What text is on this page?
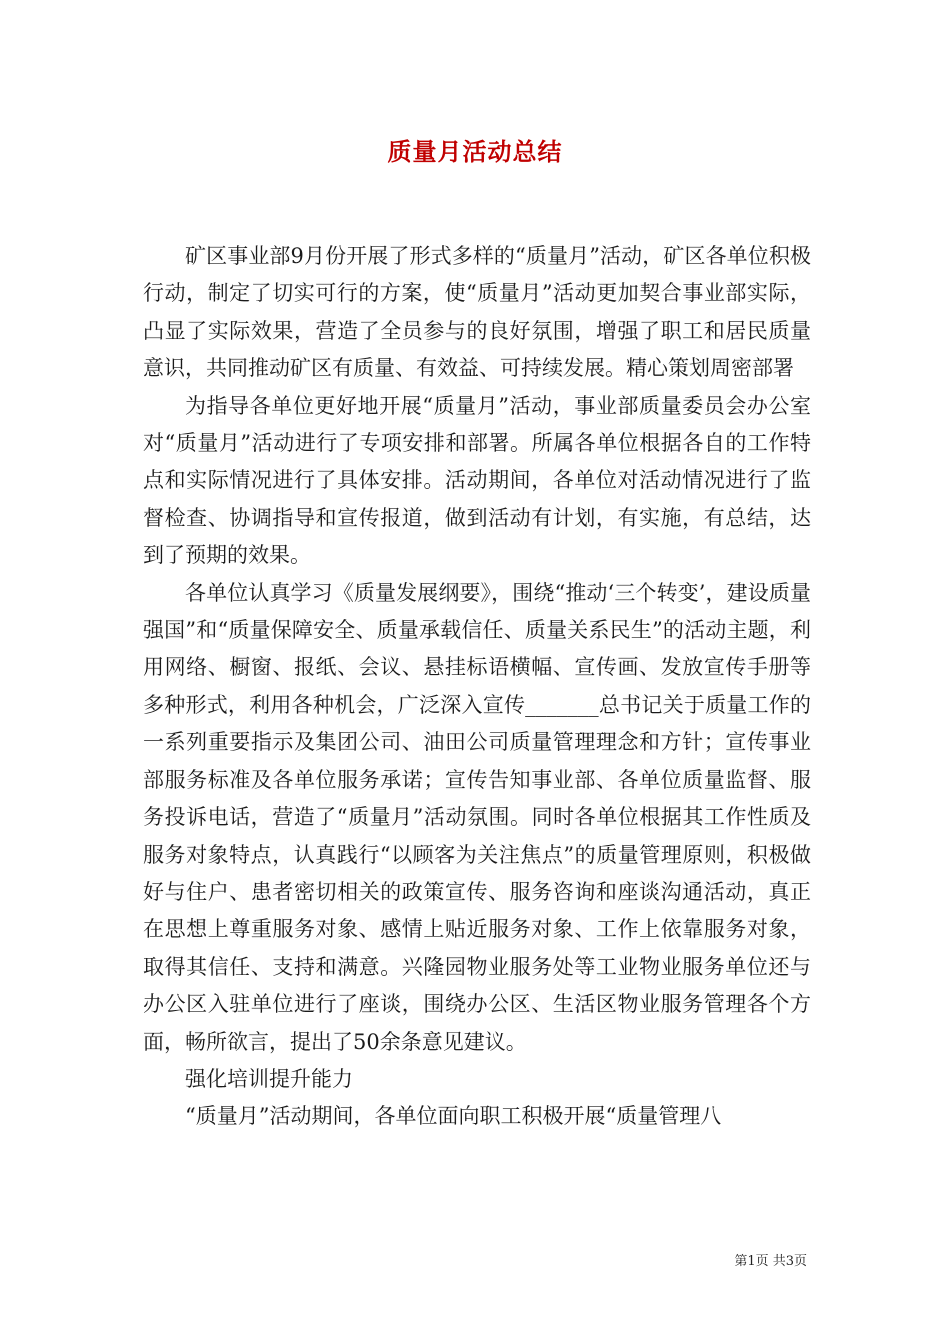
质量月活动总结

矿区事业部9月份开展了形式多样的“质量月”活动，矿区各单位积极行动，制定了切实可行的方案，使“质量月”活动更加契合事业部实际，凸显了实际效果，营造了全员参与的良好氛围，增强了职工和居民质量意识，共同推动矿区有质量、有效益、可持续发展。精心策划周密部署

为指导各单位更好地开展“质量月”活动，事业部质量委员会办公室对“质量月”活动进行了专项安排和部署。所属各单位根据各自的工作特点和实际情况进行了具体安排。活动期间，各单位对活动情况进行了监督检查、协调指导和宣传报道，做到活动有计划，有实施，有总结，达到了预期的效果。

各单位认真学习《质量发展纲要》，围绕“推动‘三个转变’，建设质量强国”和“质量保障安全、质量承载信任、质量关系民生”的活动主题，利用网络、橱窗、报纸、会议、悬挂标语横幅、宣传画、发放宣传手册等多种形式，利用各种机会，广泛深入宣传_______总书记关于质量工作的一系列重要指示及集团公司、油田公司质量管理理念和方针；宣传事业部服务标准及各单位服务承诺；宣传告知事业部、各单位质量监督、服务投诉电话，营造了“质量月”活动氛围。同时各单位根据其工作性质及服务对象特点，认真践行“以顾客为关注焦点”的质量管理原则，积极做好与住户、患者密切相关的政策宣传、服务咨询和座谈沟通活动，真正在思想上尊重服务对象、感情上贴近服务对象、工作上依靠服务对象，取得其信任、支持和满意。兴隆园物业服务处等工业物业服务单位还与办公区入驻单位进行了座谈，围绕办公区、生活区物业服务管理各个方面，畅所欲言，提出了50余条意见建议。

强化培训提升能力

“质量月”活动期间，各单位面向职工积极开展“质量管理八

第1页 共3页
